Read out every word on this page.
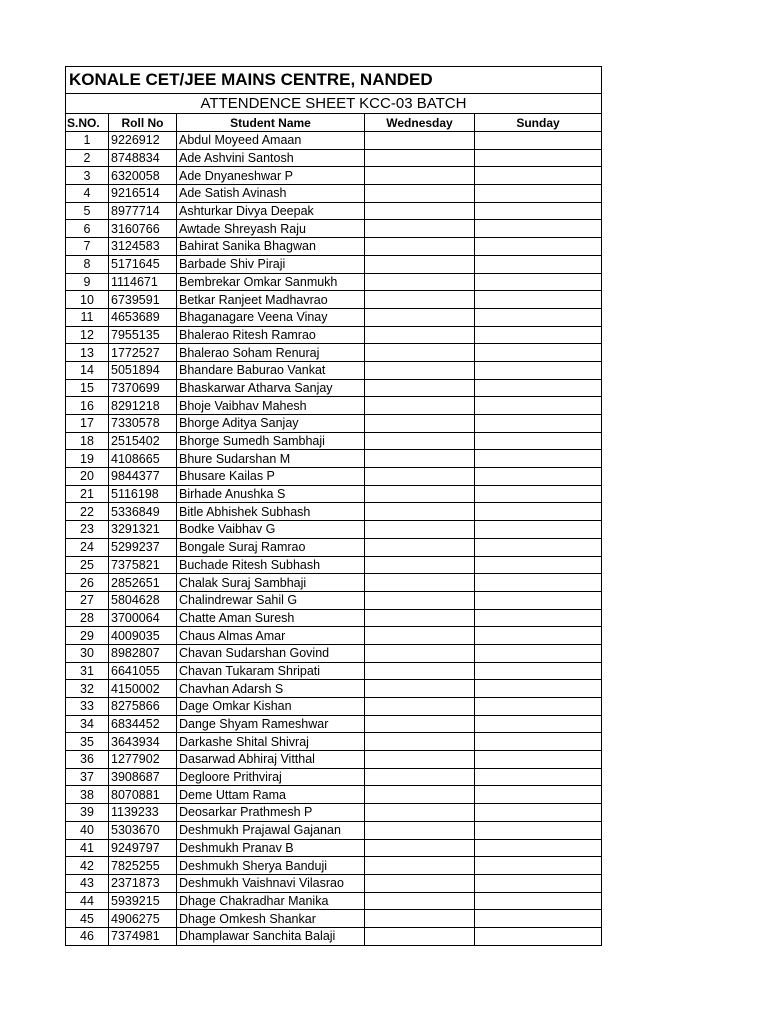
KONALE CET/JEE MAINS CENTRE, NANDED				
ATTENDENCE SHEET KCC-03 BATCH				
S.NO.	Roll No	Student Name	Wednesday	Sunday
1	9226912	Abdul Moyeed Amaan		
2	8748834	Ade Ashvini Santosh		
3	6320058	Ade Dnyaneshwar P		
4	9216514	Ade Satish Avinash		
5	8977714	Ashturkar Divya Deepak		
6	3160766	Awtade Shreyash Raju		
7	3124583	Bahirat Sanika Bhagwan		
8	5171645	Barbade Shiv Piraji		
9	1114671	Bembrekar Omkar Sanmukh		
10	6739591	Betkar Ranjeet Madhavrao		
11	4653689	Bhaganagare Veena Vinay		
12	7955135	Bhalerao Ritesh Ramrao		
13	1772527	Bhalerao Soham Renuraj		
14	5051894	Bhandare Baburao Vankat		
15	7370699	Bhaskarwar Atharva Sanjay		
16	8291218	Bhoje Vaibhav Mahesh		
17	7330578	Bhorge Aditya Sanjay		
18	2515402	Bhorge Sumedh Sambhaji		
19	4108665	Bhure Sudarshan M		
20	9844377	Bhusare Kailas P		
21	5116198	Birhade Anushka S		
22	5336849	Bitle Abhishek Subhash		
23	3291321	Bodke Vaibhav G		
24	5299237	Bongale Suraj Ramrao		
25	7375821	Buchade Ritesh Subhash		
26	2852651	Chalak Suraj Sambhaji		
27	5804628	Chalindrewar Sahil G		
28	3700064	Chatte Aman Suresh		
29	4009035	Chaus Almas Amar		
30	8982807	Chavan Sudarshan Govind		
31	6641055	Chavan Tukaram Shripati		
32	4150002	Chavhan Adarsh S		
33	8275866	Dage Omkar Kishan		
34	6834452	Dange Shyam Rameshwar		
35	3643934	Darkashe Shital Shivraj		
36	1277902	Dasarwad Abhiraj Vitthal		
37	3908687	Degloore Prithviraj		
38	8070881	Deme Uttam Rama		
39	1139233	Deosarkar Prathmesh P		
40	5303670	Deshmukh Prajawal Gajanan		
41	9249797	Deshmukh Pranav B		
42	7825255	Deshmukh Sherya Banduji		
43	2371873	Deshmukh Vaishnavi Vilasrao		
44	5939215	Dhage Chakradhar Manika		
45	4906275	Dhage Omkesh Shankar		
46	7374981	Dhamplawar Sanchita Balaji		
